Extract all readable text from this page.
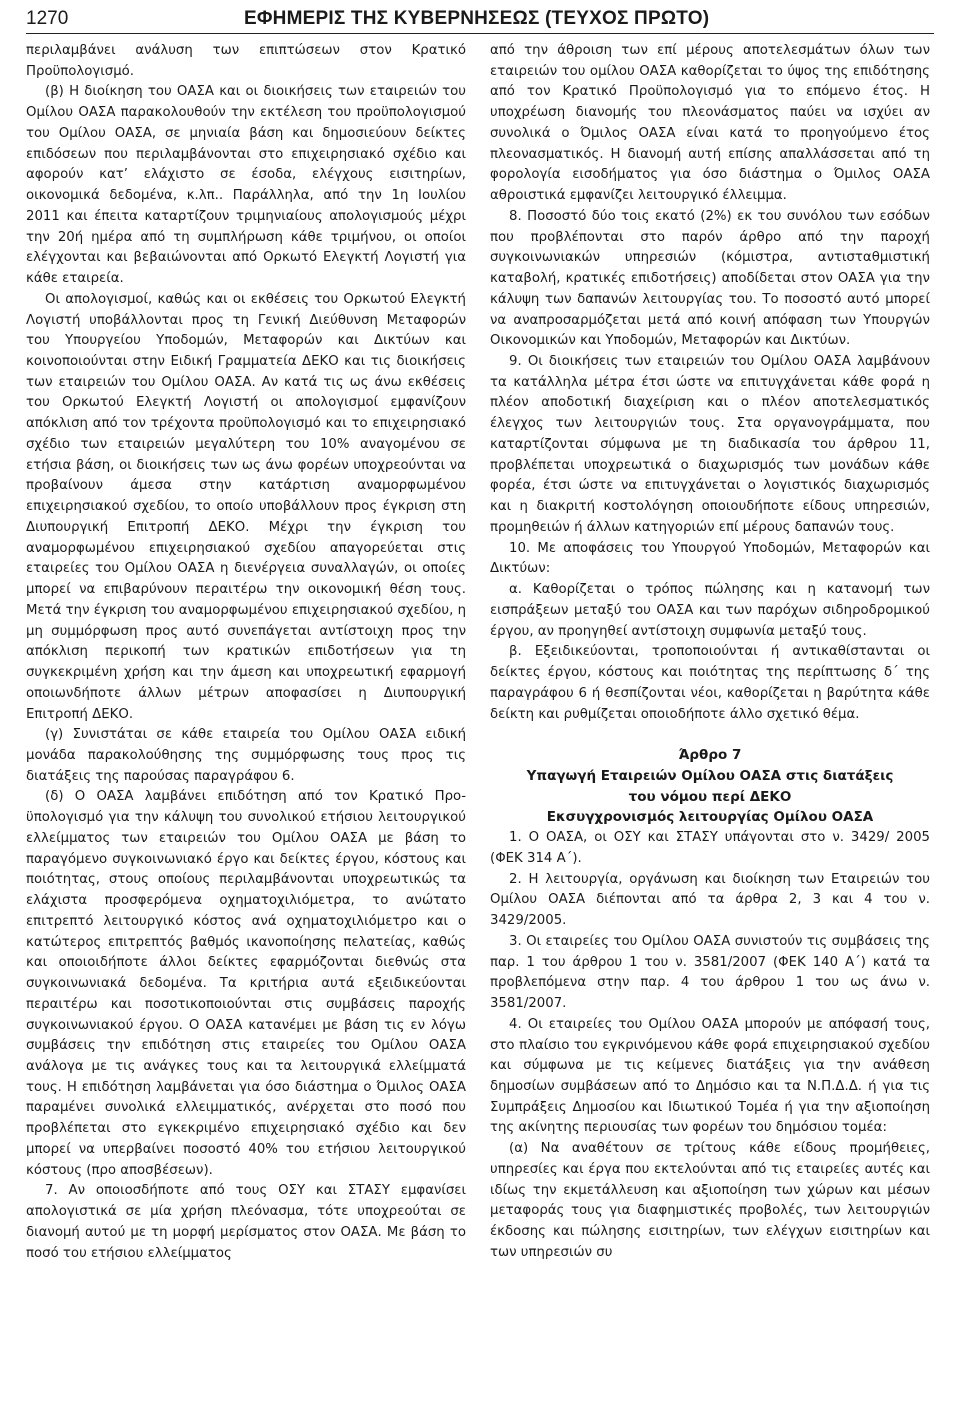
1270	ΕΦΗΜΕΡΙΣ ΤΗΣ ΚΥΒΕΡΝΗΣΕΩΣ (ΤΕΥΧΟΣ ΠΡΩΤΟ)

περιλαμβάνει ανάλυση των επιπτώσεων στον Κρατικό Προϋπολογισμό.

(β) Η διοίκηση του ΟΑΣΑ και οι διοικήσεις των εταιρειών του Ομίλου ΟΑΣΑ παρακολουθούν την εκτέλεση του προϋπολογισμού του Ομίλου ΟΑΣΑ, σε μηνιαία βάση και δημοσιεύουν δείκτες επιδόσεων που περιλαμβάνονται στο επιχειρησιακό σχέδιο και αφορούν κατ’ ελάχιστο σε έσοδα, ελέγχους εισιτηρίων, οικονομικά δεδομένα, κ.λπ.. Παράλληλα, από την 1η Ιουλίου 2011 και έπειτα καταρτίζουν τριμηνιαίους απολογισμούς μέχρι την 20ή ημέρα από τη συμπλήρωση κάθε τριμήνου, οι οποίοι ελέγχονται και βεβαιώνονται από Ορκωτό Ελεγκτή Λογιστή για κάθε εταιρεία.

Οι απολογισμοί, καθώς και οι εκθέσεις του Ορκωτού Ελεγκτή Λογιστή υποβάλλονται προς τη Γενική Διεύθυνση Μεταφορών του Υπουργείου Υποδομών, Μεταφορών και Δικτύων και κοινοποιούνται στην Ειδική Γραμματεία ΔΕΚΟ και τις διοικήσεις των εταιρειών του Ομίλου ΟΑΣΑ. Αν κατά τις ως άνω εκθέσεις του Ορκωτού Ελεγκτή Λογιστή οι απολογισμοί εμφανίζουν απόκλιση από τον τρέχοντα προϋπολογισμό και το επιχειρησιακό σχέδιο των εταιρειών μεγαλύτερη του 10% αναγομένου σε ετήσια βάση, οι διοικήσεις των ως άνω φορέων υποχρεούνται να προβαίνουν άμεσα στην κατάρτιση αναμορφωμένου επιχειρησιακού σχεδίου, το οποίο υποβάλλουν προς έγκριση στη Διυπουργική Επιτροπή ΔΕΚΟ. Μέχρι την έγκριση του αναμορφωμένου επιχειρησιακού σχεδίου απαγορεύεται στις εταιρείες του Ομίλου ΟΑΣΑ η διενέργεια συναλλαγών, οι οποίες μπορεί να επιβαρύνουν περαιτέρω την οικονομική θέση τους. Μετά την έγκριση του αναμορφωμένου επιχειρησιακού σχεδίου, η μη συμμόρφωση προς αυτό συνεπάγεται αντίστοιχη προς την απόκλιση περικοπή των κρατικών επιδοτήσεων για τη συγκεκριμένη χρήση και την άμεση και υποχρεωτική εφαρμογή οποιωνδήποτε άλλων μέτρων αποφασίσει η Διυπουργική Επιτροπή ΔΕΚΟ.

(γ) Συνιστάται σε κάθε εταιρεία του Ομίλου ΟΑΣΑ ειδική μονάδα παρακολούθησης της συμμόρφωσης τους προς τις διατάξεις της παρούσας παραγράφου 6.

(δ) Ο ΟΑΣΑ λαμβάνει επιδότηση από τον Κρατικό Προϋπολογισμό για την κάλυψη του συνολικού ετήσιου λειτουργικού ελλείμματος των εταιρειών του Ομίλου ΟΑΣΑ με βάση το παραγόμενο συγκοινωνιακό έργο και δείκτες έργου, κόστους και ποιότητας, στους οποίους περιλαμβάνονται υποχρεωτικώς τα ελάχιστα προσφερόμενα οχηματοχιλιόμετρα, το ανώτατο επιτρεπτό λειτουργικό κόστος ανά οχηματοχιλιόμετρο και ο κατώτερος επιτρεπτός βαθμός ικανοποίησης πελατείας, καθώς και οποιοιδήποτε άλλοι δείκτες εφαρμόζονται διεθνώς στα συγκοινωνιακά δεδομένα. Τα κριτήρια αυτά εξειδικεύονται περαιτέρω και ποσοτικοποιούνται στις συμβάσεις παροχής συγκοινωνιακού έργου. Ο ΟΑΣΑ κατανέμει με βάση τις εν λόγω συμβάσεις την επιδότηση στις εταιρείες του Ομίλου ΟΑΣΑ ανάλογα με τις ανάγκες τους και τα λειτουργικά ελλείμματά τους. Η επιδότηση λαμβάνεται για όσο διάστημα ο Όμιλος ΟΑΣΑ παραμένει συνολικά ελλειμματικός, ανέρχεται στο ποσό που προβλέπεται στο εγκεκριμένο επιχειρησιακό σχέδιο και δεν μπορεί να υπερβαίνει ποσοστό 40% του ετήσιου λειτουργικού κόστους (προ αποσβέσεων).

7. Αν οποιοσδήποτε από τους ΟΣΥ και ΣΤΑΣΥ εμφανίσει απολογιστικά σε μία χρήση πλεόνασμα, τότε υποχρεούται σε διανομή αυτού με τη μορφή μερίσματος στον ΟΑΣΑ. Με βάση το ποσό του ετήσιου ελλείμματος

από την άθροιση των επί μέρους αποτελεσμάτων όλων των εταιρειών του ομίλου ΟΑΣΑ καθορίζεται το ύψος της επιδότησης από τον Κρατικό Προϋπολογισμό για το επόμενο έτος. Η υποχρέωση διανομής του πλεονάσματος παύει να ισχύει αν συνολικά ο Όμιλος ΟΑΣΑ είναι κατά το προηγούμενο έτος πλεονασματικός. Η διανομή αυτή επίσης απαλλάσσεται από τη φορολογία εισοδήματος για όσο διάστημα ο Όμιλος ΟΑΣΑ αθροιστικά εμφανίζει λειτουργικό έλλειμμα.

8. Ποσοστό δύο τοις εκατό (2%) εκ του συνόλου των εσόδων που προβλέπονται στο παρόν άρθρο από την παροχή συγκοινωνιακών υπηρεσιών (κόμιστρα, αντισταθμιστική καταβολή, κρατικές επιδοτήσεις) αποδίδεται στον ΟΑΣΑ για την κάλυψη των δαπανών λειτουργίας του. Το ποσοστό αυτό μπορεί να αναπροσαρμόζεται μετά από κοινή απόφαση των Υπουργών Οικονομικών και Υποδομών, Μεταφορών και Δικτύων.

9. Οι διοικήσεις των εταιρειών του Ομίλου ΟΑΣΑ λαμβάνουν τα κατάλληλα μέτρα έτσι ώστε να επιτυγχάνεται κάθε φορά η πλέον αποδοτική διαχείριση και ο πλέον αποτελεσματικός έλεγχος των λειτουργιών τους. Στα οργανογράμματα, που καταρτίζονται σύμφωνα με τη διαδικασία του άρθρου 11, προβλέπεται υποχρεωτικά ο διαχωρισμός των μονάδων κάθε φορέα, έτσι ώστε να επιτυγχάνεται ο λογιστικός διαχωρισμός και η διακριτή κοστολόγηση οποιουδήποτε είδους υπηρεσιών, προμηθειών ή άλλων κατηγοριών επί μέρους δαπανών τους.

10. Με αποφάσεις του Υπουργού Υποδομών, Μεταφορών και Δικτύων:

α. Καθορίζεται ο τρόπος πώλησης και η κατανομή των εισπράξεων μεταξύ του ΟΑΣΑ και των παρόχων σιδηροδρομικού έργου, αν προηγηθεί αντίστοιχη συμφωνία μεταξύ τους.

β. Εξειδικεύονται, τροποποιούνται ή αντικαθίστανται οι δείκτες έργου, κόστους και ποιότητας της περίπτωσης δ΄ της παραγράφου 6 ή θεσπίζονται νέοι, καθορίζεται η βαρύτητα κάθε δείκτη και ρυθμίζεται οποιοδήποτε άλλο σχετικό θέμα.

Άρθρο 7
Υπαγωγή Εταιρειών Ομίλου ΟΑΣΑ στις διατάξεις
του νόμου περί ΔΕΚΟ
Εκσυγχρονισμός λειτουργίας Ομίλου ΟΑΣΑ

1. Ο ΟΑΣΑ, οι ΟΣΥ και ΣΤΑΣΥ υπάγονται στο ν. 3429/ 2005 (ΦΕΚ 314 Α΄).

2. Η λειτουργία, οργάνωση και διοίκηση των Εταιρειών του Ομίλου ΟΑΣΑ διέπονται από τα άρθρα 2, 3 και 4 του ν. 3429/2005.

3. Οι εταιρείες του Ομίλου ΟΑΣΑ συνιστούν τις συμβάσεις της παρ. 1 του άρθρου 1 του ν. 3581/2007 (ΦΕΚ 140 Α΄) κατά τα προβλεπόμενα στην παρ. 4 του άρθρου 1 του ως άνω ν. 3581/2007.

4. Οι εταιρείες του Ομίλου ΟΑΣΑ μπορούν με απόφασή τους, στο πλαίσιο του εγκρινόμενου κάθε φορά επιχειρησιακού σχεδίου και σύμφωνα με τις κείμενες διατάξεις για την ανάθεση δημοσίων συμβάσεων από το Δημόσιο και τα Ν.Π.Δ.Δ. ή για τις Συμπράξεις Δημοσίου και Ιδιωτικού Τομέα ή για την αξιοποίηση της ακίνητης περιουσίας των φορέων του δημόσιου τομέα:

(α) Να αναθέτουν σε τρίτους κάθε είδους προμήθειες, υπηρεσίες και έργα που εκτελούνται από τις εταιρείες αυτές και ιδίως την εκμετάλλευση και αξιοποίηση των χώρων και μέσων μεταφοράς τους για διαφημιστικές προβολές, των λειτουργιών έκδοσης και πώλησης εισιτηρίων, των ελέγχων εισιτηρίων και των υπηρεσιών συ
